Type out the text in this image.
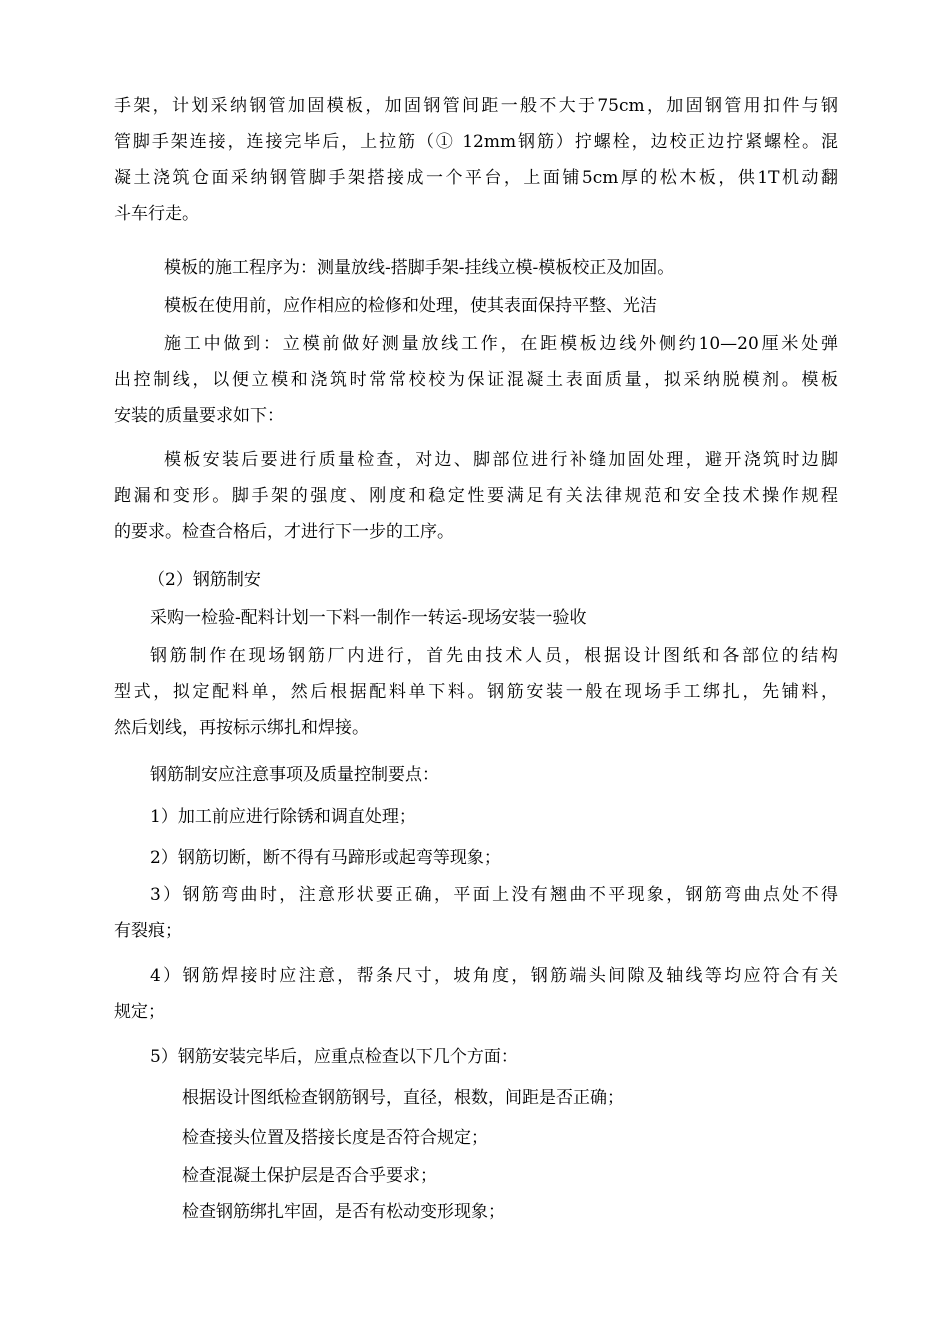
手架，计划采纳钢管加固模板，加固钢管间距一般不大于75cm，加固钢管用扣件与钢
管脚手架连接，连接完毕后，上拉筋（① 12mm钢筋）拧螺栓，边校正边拧紧螺栓。混
凝土浇筑仓面采纳钢管脚手架搭接成一个平台，上面铺5cm厚的松木板，供1T机动翻
斗车行走。

模板的施工程序为：测量放线-搭脚手架-挂线立模-模板校正及加固。

模板在使用前，应作相应的检修和处理，使其表面保持平整、光洁

施工中做到：立模前做好测量放线工作，在距模板边线外侧约10—20厘米处弹
出控制线，以便立模和浇筑时常常校校为保证混凝土表面质量，拟采纳脱模剂。模板
安装的质量要求如下：
模板安装后要进行质量检查，对边、脚部位进行补缝加固处理，避开浇筑时边脚
跑漏和变形。脚手架的强度、刚度和稳定性要满足有关法律规范和安全技术操作规程
的要求。检查合格后，才进行下一步的工序。

（2）钢筋制安

采购一检验-配料计划一下料一制作一转运-现场安装一验收

钢筋制作在现场钢筋厂内进行，首先由技术人员，根据设计图纸和各部位的结构
型式，拟定配料单，然后根据配料单下料。钢筋安装一般在现场手工绑扎，先铺料，
然后划线，再按标示绑扎和焊接。

钢筋制安应注意事项及质量控制要点：

1）加工前应进行除锈和调直处理；

2）钢筋切断，断不得有马蹄形或起弯等现象；

3）钢筋弯曲时，注意形状要正确，平面上没有翘曲不平现象，钢筋弯曲点处不得
有裂痕；
4）钢筋焊接时应注意，帮条尺寸，坡角度，钢筋端头间隙及轴线等均应符合有关
规定；

5）钢筋安装完毕后，应重点检查以下几个方面：

根据设计图纸检查钢筋钢号，直径，根数，间距是否正确；

检查接头位置及搭接长度是否符合规定；

检查混凝土保护层是否合乎要求；

检查钢筋绑扎牢固，是否有松动变形现象；
